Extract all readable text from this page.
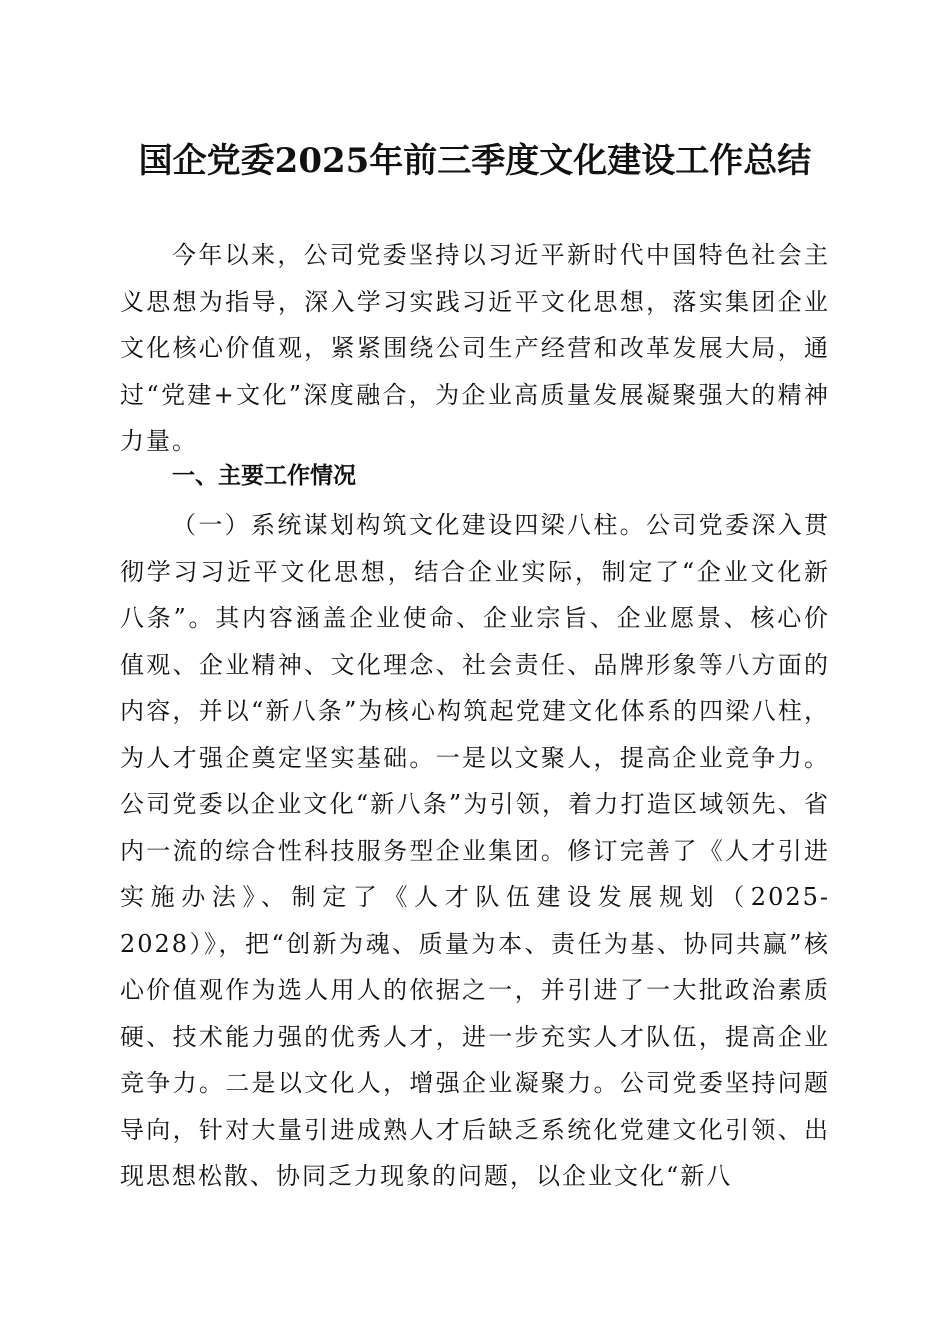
国企党委2025年前三季度文化建设工作总结

今年以来，公司党委坚持以习近平新时代中国特色社会主义思想为指导，深入学习实践习近平文化思想，落实集团企业文化核心价值观，紧紧围绕公司生产经营和改革发展大局，通过“党建+文化”深度融合，为企业高质量发展凝聚强大的精神力量。

一、主要工作情况

（一）系统谋划构筑文化建设四梁八柱。公司党委深入贯彻学习习近平文化思想，结合企业实际，制定了“企业文化新八条”。其内容涵盖企业使命、企业宗旨、企业愿景、核心价值观、企业精神、文化理念、社会责任、品牌形象等八方面的内容，并以“新八条”为核心构筑起党建文化体系的四梁八柱，为人才强企奠定坚实基础。一是以文聚人，提高企业竞争力。公司党委以企业文化“新八条”为引领，着力打造区域领先、省内一流的综合性科技服务型企业集团。修订完善了《人才引进实施办法》、制定了《人才队伍建设发展规划（2025-2028）》，把“创新为魂、质量为本、责任为基、协同共赢”核心价值观作为选人用人的依据之一，并引进了一大批政治素质硬、技术能力强的优秀人才，进一步充实人才队伍，提高企业竞争力。二是以文化人，增强企业凝聚力。公司党委坚持问题导向，针对大量引进成熟人才后缺乏系统化党建文化引领、出现思想松散、协同乏力现象的问题，以企业文化“新八
